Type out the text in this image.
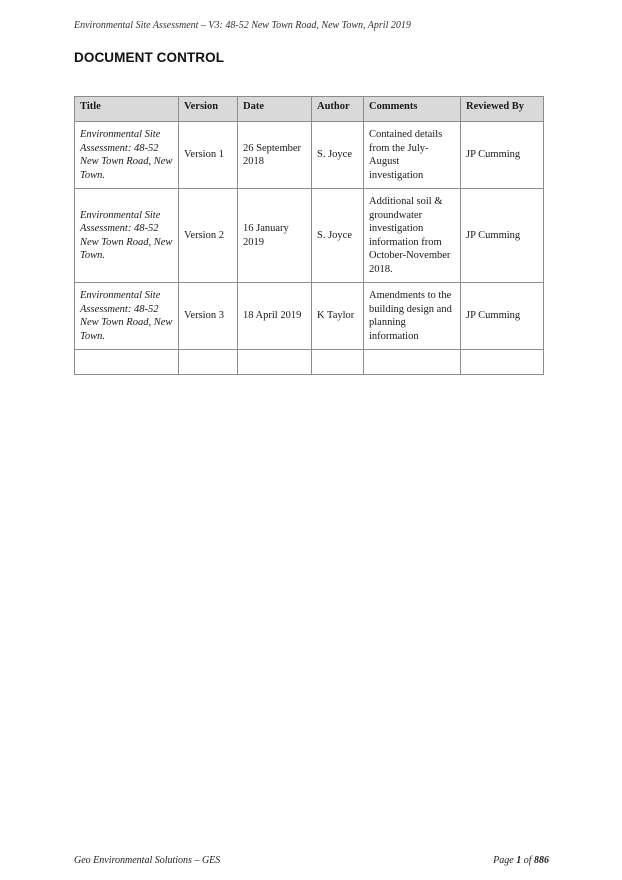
Environmental Site Assessment – V3: 48-52 New Town Road, New Town, April 2019
DOCUMENT CONTROL
Title	Version	Date	Author	Comments	Reviewed By
Environmental Site Assessment: 48-52 New Town Road, New Town.	Version 1	26 September 2018	S. Joyce	Contained details from the July-August investigation	JP Cumming
Environmental Site Assessment: 48-52 New Town Road, New Town.	Version 2	16 January 2019	S. Joyce	Additional soil & groundwater investigation information from October-November 2018.	JP Cumming
Environmental Site Assessment: 48-52 New Town Road, New Town.	Version 3	18 April 2019	K Taylor	Amendments to the building design and planning information	JP Cumming

Geo Environmental Solutions – GES	Page 1 of 886
